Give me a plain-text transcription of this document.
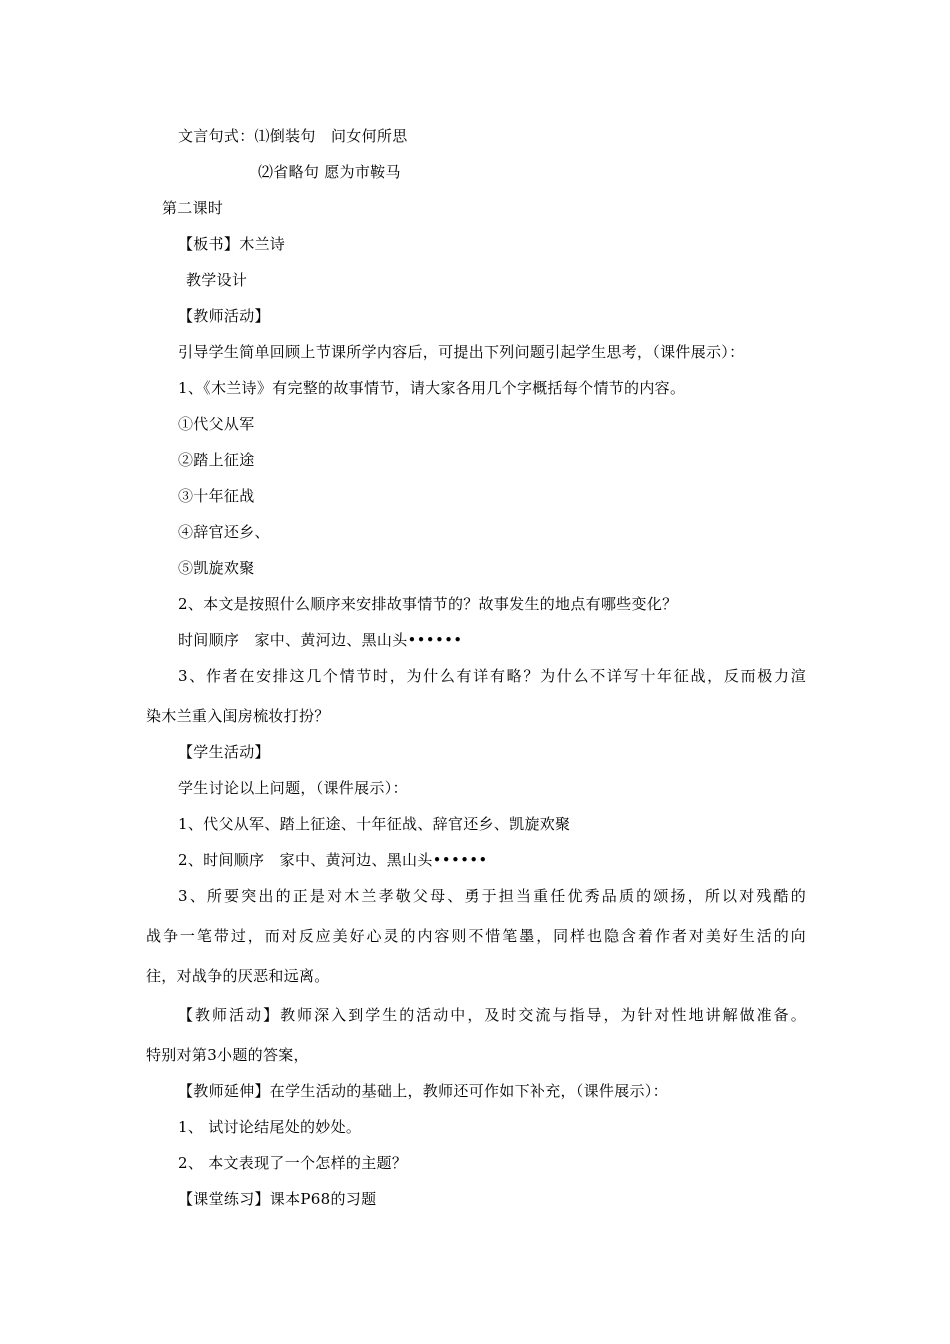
文言句式：⑴倒装句　问女何所思
⑵省略句 愿为市鞍马
第二课时
【板书】木兰诗
教学设计
【教师活动】
引导学生简单回顾上节课所学内容后，可提出下列问题引起学生思考，（课件展示）：
1、《木兰诗》有完整的故事情节，请大家各用几个字概括每个情节的内容。
①代父从军
②踏上征途
③十年征战
④辞官还乡、
⑤凯旋欢聚
2、本文是按照什么顺序来安排故事情节的？故事发生的地点有哪些变化？
时间顺序　家中、黄河边、黑山头••••••
3、作者在安排这几个情节时，为什么有详有略？为什么不详写十年征战，反而极力渲
染木兰重入闺房梳妆打扮？
【学生活动】
学生讨论以上问题，（课件展示）：
1、代父从军、踏上征途、十年征战、辞官还乡、凯旋欢聚
2、时间顺序　家中、黄河边、黑山头••••••
3、所要突出的正是对木兰孝敬父母、勇于担当重任优秀品质的颂扬，所以对残酷的
战争一笔带过，而对反应美好心灵的内容则不惜笔墨，同样也隐含着作者对美好生活的向
往，对战争的厌恶和远离。
【教师活动】教师深入到学生的活动中，及时交流与指导，为针对性地讲解做准备。
特别对第3小题的答案，
【教师延伸】在学生活动的基础上，教师还可作如下补充，（课件展示）：
1、 试讨论结尾处的妙处。
2、 本文表现了一个怎样的主题？
【课堂练习】课本P68的习题
